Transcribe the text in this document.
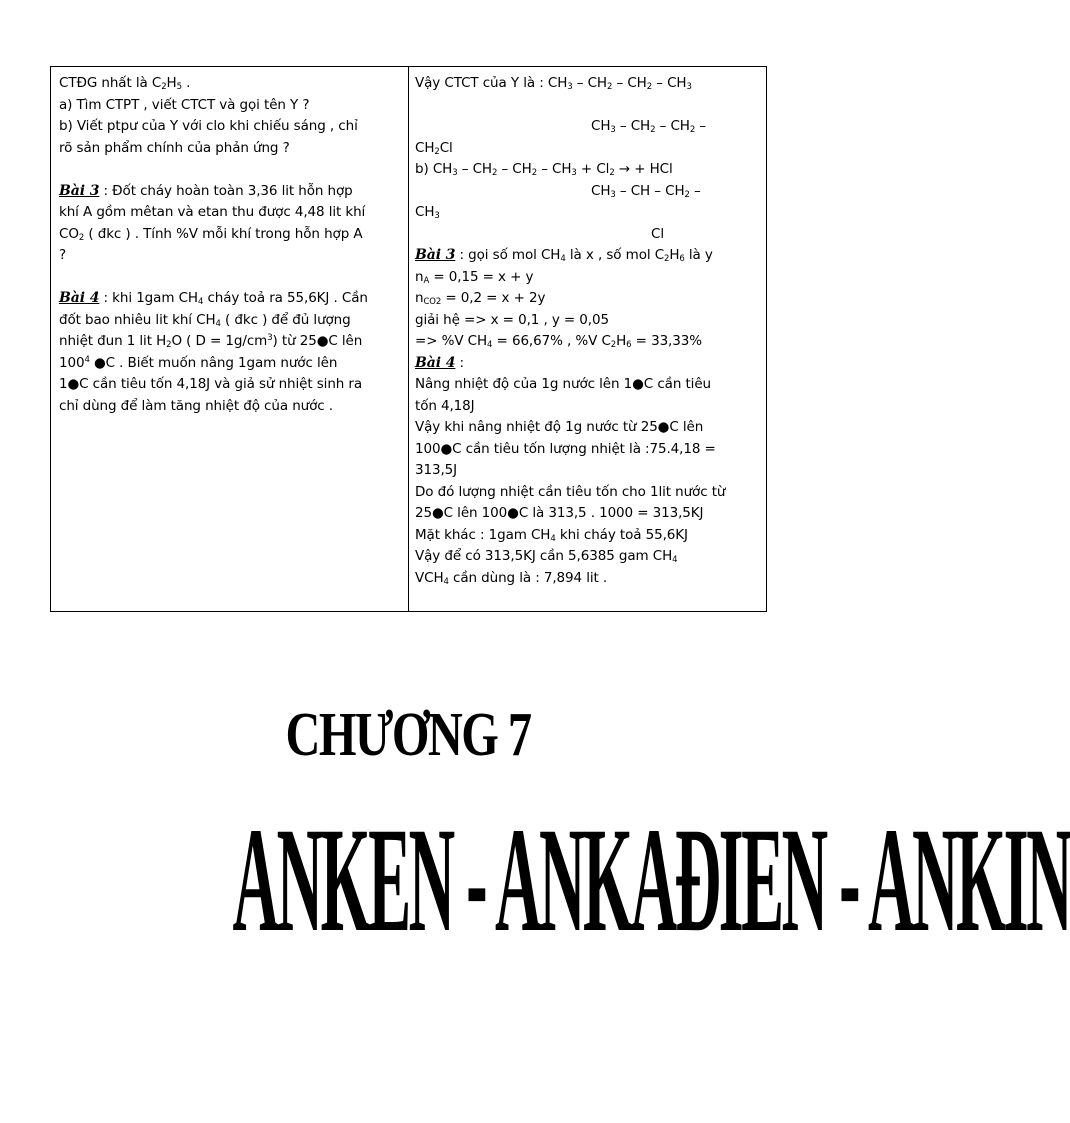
CTĐG nhất là $C_2H_5$ .
a) Tìm CTPT , viết CTCT và gọi tên Y ?
b) Viết ptpư của Y với clo khi chiếu sáng , chỉ
rõ sản phẩm chính của phản ứng ?
Bài 3 : Đốt cháy hoàn toàn 3,36 lit hỗn hợp
khí A gồm mêtan và etan thu được 4,48 lit khí
$CO_2$ ( đkc ) . Tính %V mỗi khí trong hỗn hợp A
?
Bài 4 : khi 1gam $CH_4$ cháy toả ra 55,6KJ . Cần
đốt bao nhiêu lit khí $CH_4$ ( đkc ) để đủ lượng
nhiệt đun 1 lit $H_2O$ ( $D = 1g/cm^3$) từ 25●C lên
$100^4$ ●C . Biết muốn nâng 1gam nước lên
1●C cần tiêu tốn 4,18J và giả sử nhiệt sinh ra
chỉ dùng để làm tăng nhiệt độ của nước .
Vậy CTCT của Y là : $CH_3 - CH_2 - CH_2 - CH_3$
$CH_3 - CH_2 - CH_2$ –
$CH_2Cl$
b) $CH_3 - CH_2 - CH_2 - CH_3 + Cl_2$ → + HCl
$CH_3$ – CH – $CH_2$ –
$CH_3$
Cl
Bài 3 : gọi số mol $CH_4$ là x , số mol $C_2H_6$ là y
$n_A = 0,15 = x + y$
$n_{CO2} = 0,2 = x + 2y$
giải hệ => x = 0,1 , y = 0,05
=> %V $CH_4 = 66,67\%$ , %V $C_2H_6 = 33,33\%$
Bài 4 :
Nâng nhiệt độ của 1g nước lên 1●C cần tiêu
tốn 4,18J
Vậy khi nâng nhiệt độ 1g nước từ 25●C lên
100●C cần tiêu tốn lượng nhiệt là :75.4,18 =
313,5J
Do đó lượng nhiệt cần tiêu tốn cho 1lit nước từ
25●C lên 100●C là 313,5 . 1000 = 313,5KJ
Mặt khác : 1gam $CH_4$ khi cháy toả 55,6KJ
Vậy để có 313,5KJ cần 5,6385 gam $CH_4$
$VCH_4$ cần dùng là : 7,894 lit .
CHƯƠNG 7
ANKEN - ANKAĐIEN - ANKIN
